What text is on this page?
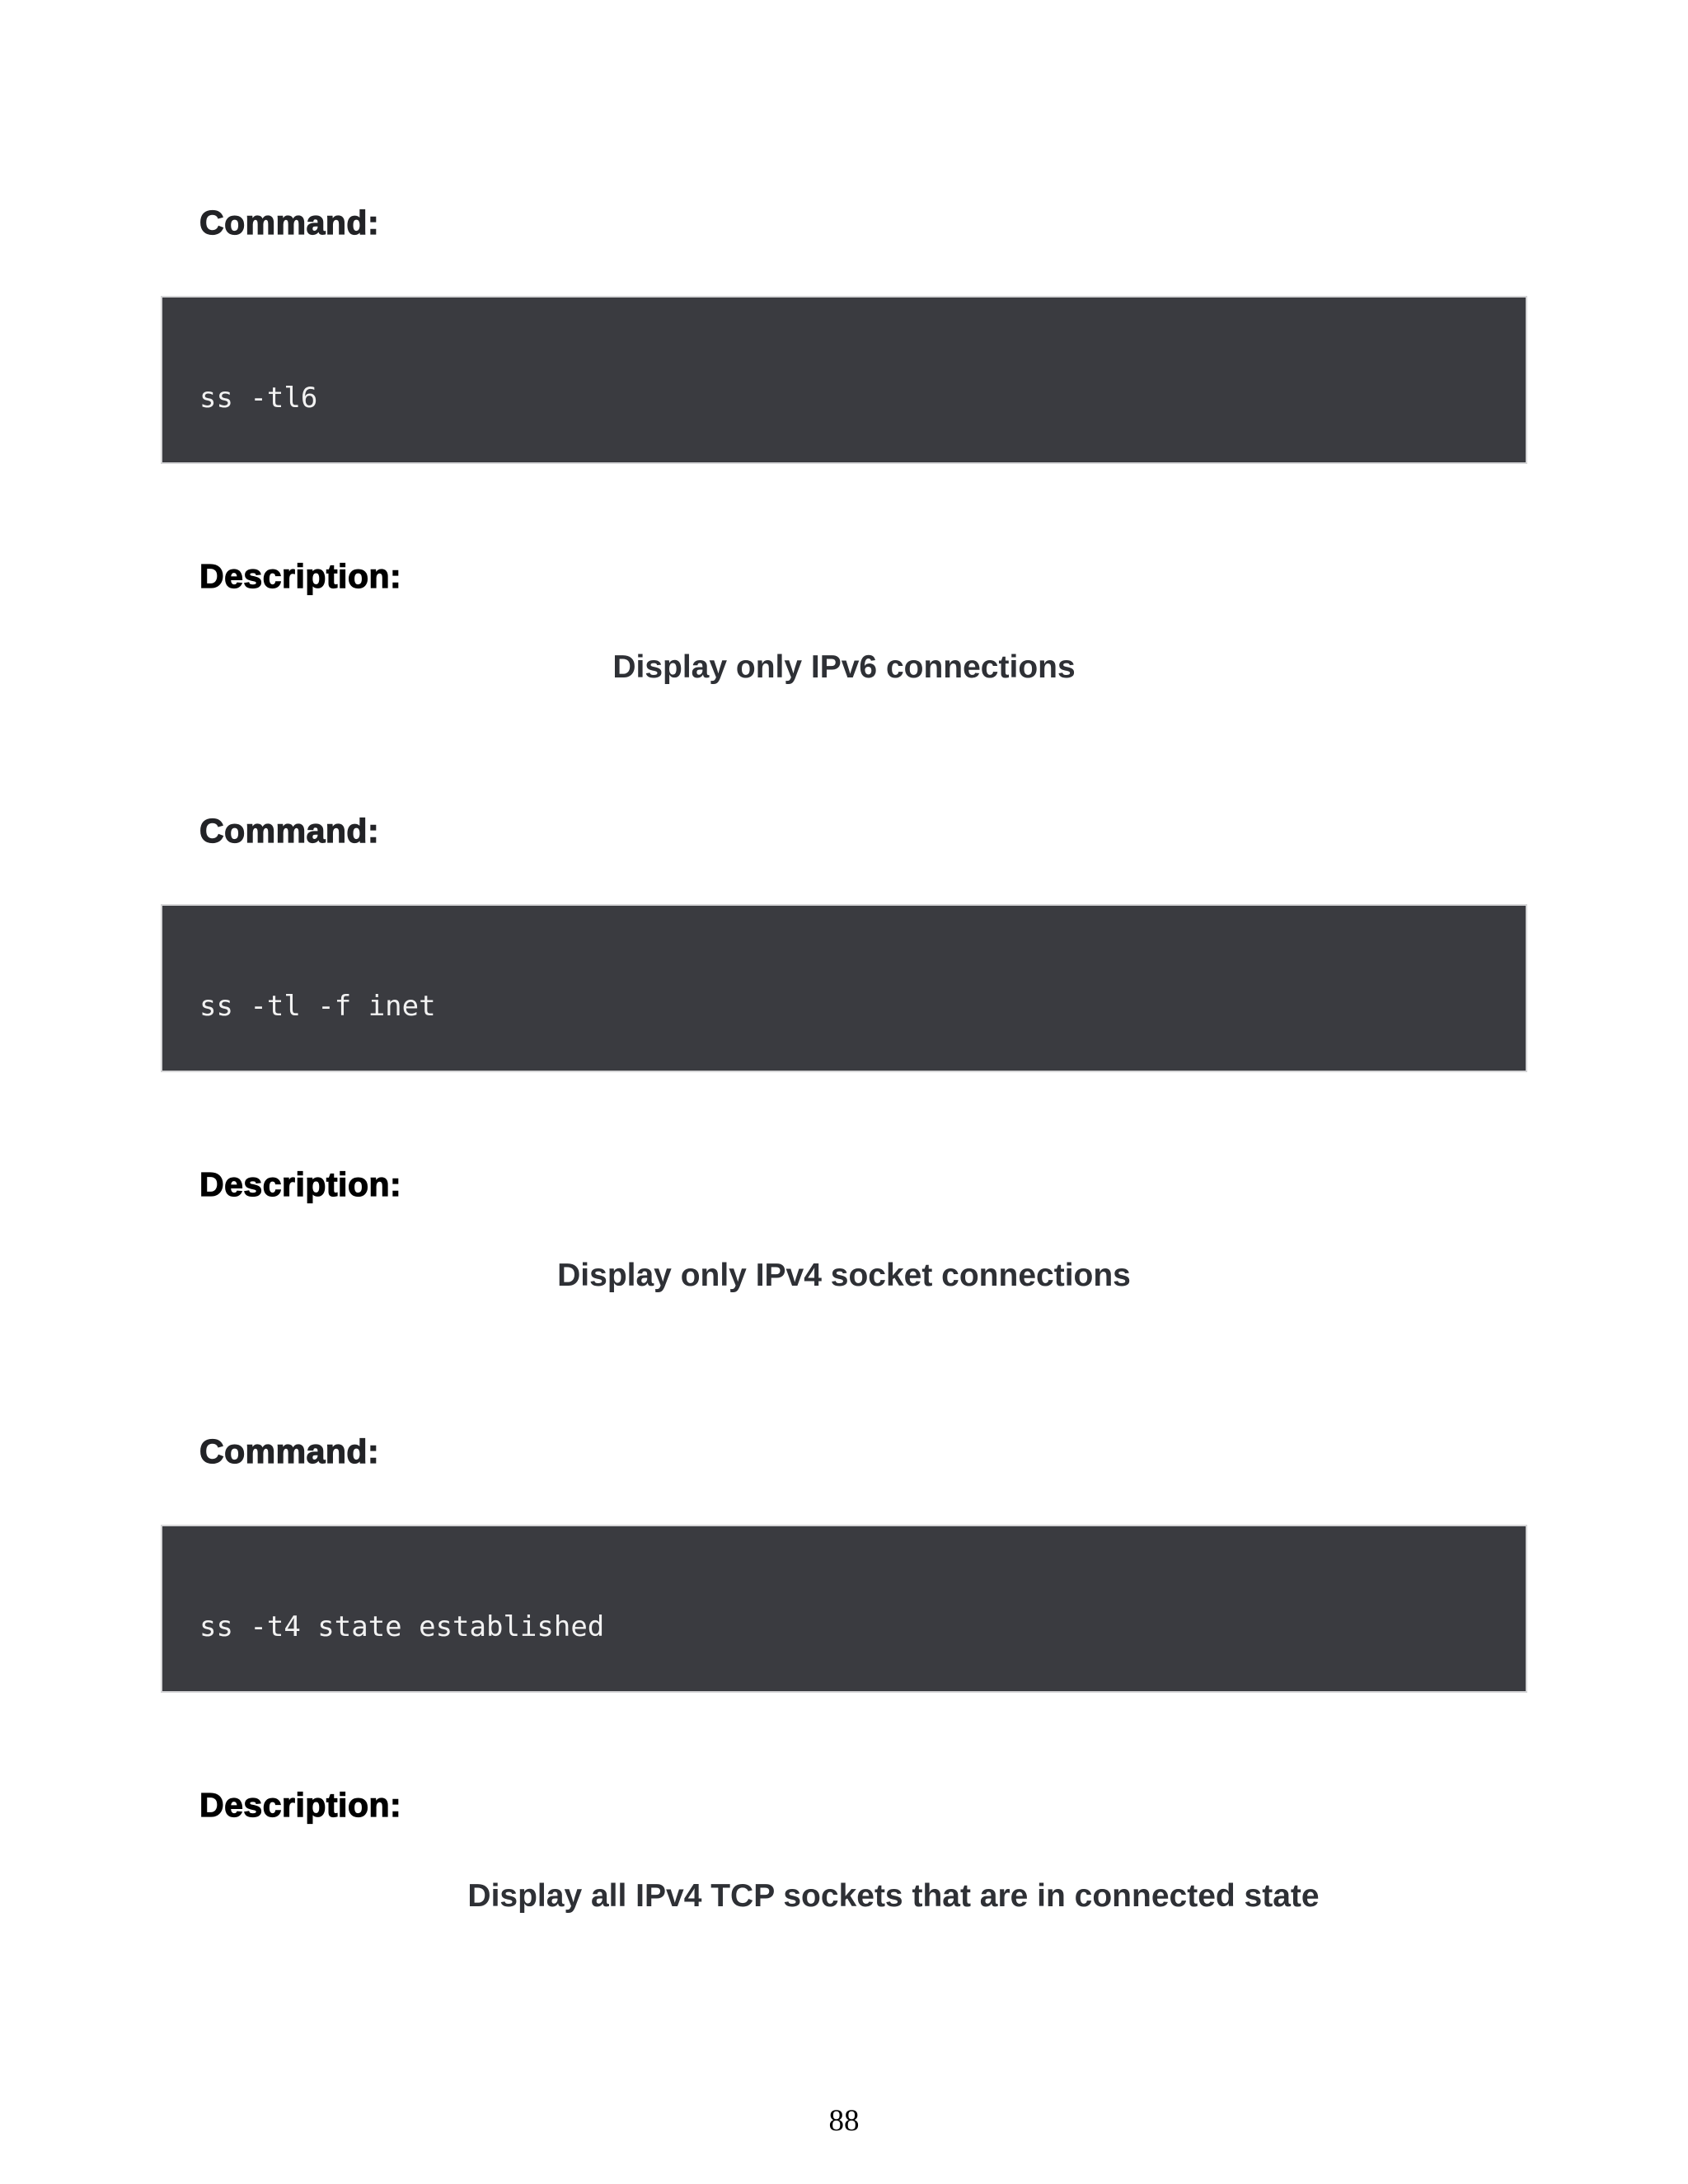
Command:
ss -tl6
Description:
Display only IPv6 connections
Command:
ss -tl -f inet
Description:
Display only IPv4 socket connections
Command:
ss -t4 state established
Description:
Display all IPv4 TCP sockets that are in connected state
88
